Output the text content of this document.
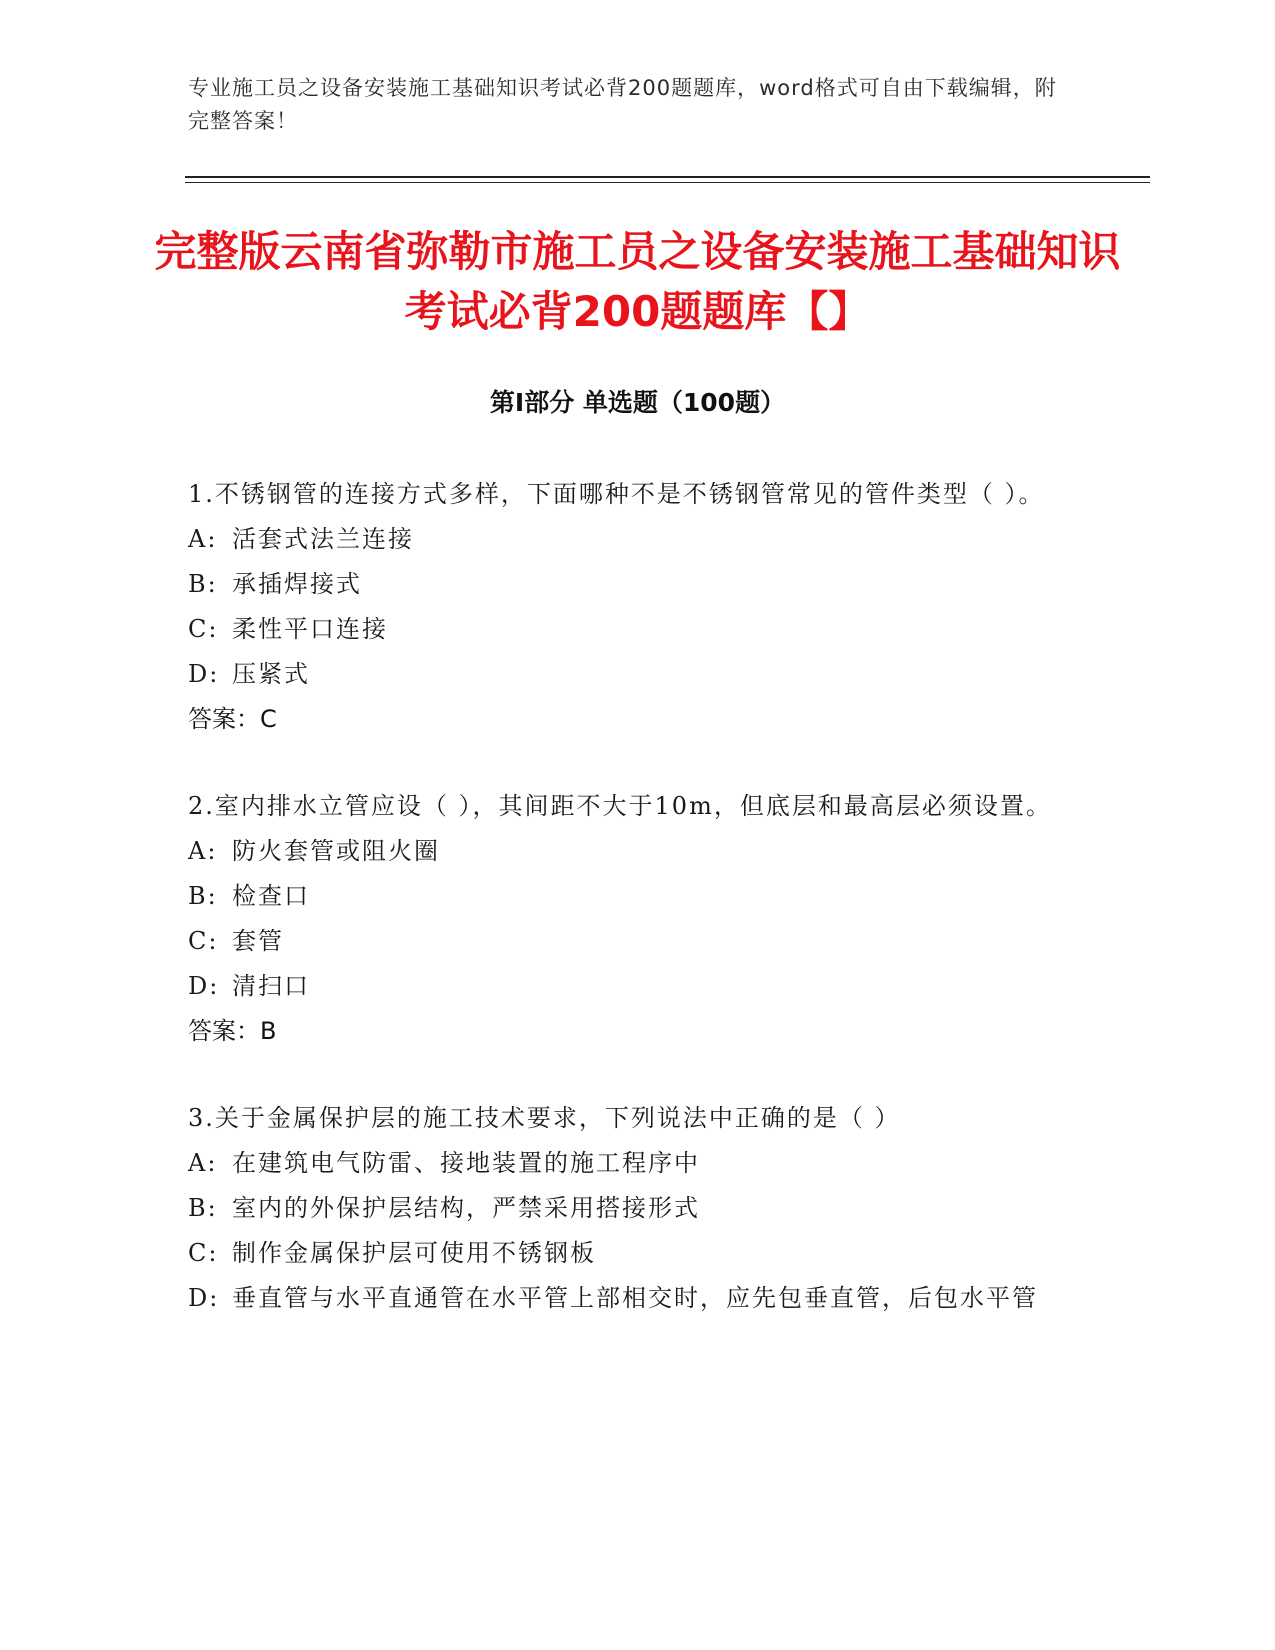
专业施工员之设备安装施工基础知识考试必背200题题库，word格式可自由下载编辑，附完整答案！
完整版云南省弥勒市施工员之设备安装施工基础知识考试必背200题题库【】
第Ⅰ部分 单选题（100题）
1.不锈钢管的连接方式多样，下面哪种不是不锈钢管常见的管件类型（ ）。
A: 活套式法兰连接
B: 承插焊接式
C: 柔性平口连接
D: 压紧式
答案：C
2.室内排水立管应设（ ），其间距不大于10m，但底层和最高层必须设置。
A: 防火套管或阻火圈
B: 检查口
C: 套管
D: 清扫口
答案：B
3.关于金属保护层的施工技术要求，下列说法中正确的是（ ）
A: 在建筑电气防雷、接地装置的施工程序中
B: 室内的外保护层结构，严禁采用搭接形式
C: 制作金属保护层可使用不锈钢板
D: 垂直管与水平直通管在水平管上部相交时，应先包垂直管，后包水平管
